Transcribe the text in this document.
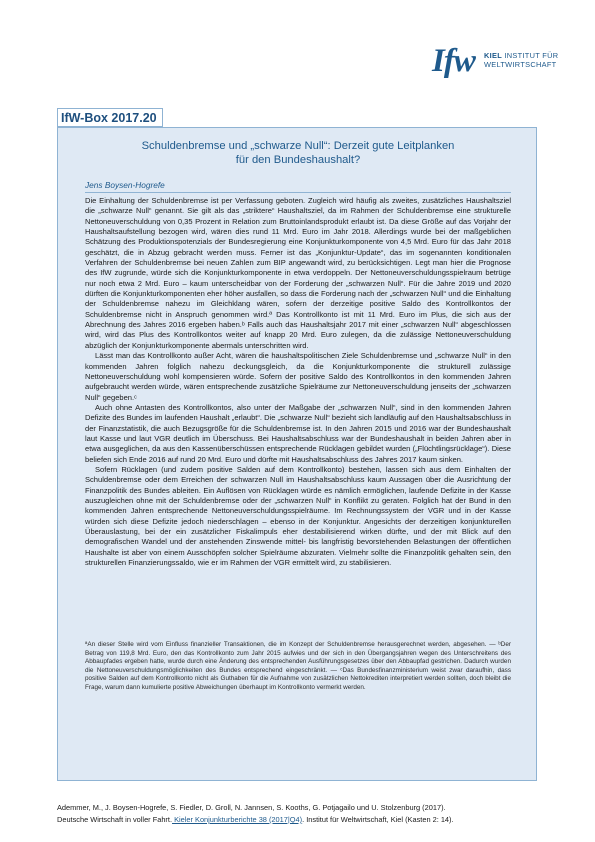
Ifw KIEL INSTITUT FÜR
WELTWIRTSCHAFT
IfW-Box 2017.20
Schuldenbremse und „schwarze Null“: Derzeit gute Leitplanken
für den Bundeshaushalt?
Jens Boysen-Hogrefe

Die Einhaltung der Schuldenbremse ist per Verfassung geboten. Zugleich wird häufig als zweites, zusätzliches Haushaltsziel die „schwarze Null“ genannt. Sie gilt als das „striktere“ Haushaltsziel, da im Rahmen der Schuldenbremse eine strukturelle Nettoneuverschuldung von 0,35 Prozent in Relation zum Bruttoinlandsprodukt erlaubt ist. Da diese Größe auf das Vorjahr der Haushaltsaufstellung bezogen wird, wären dies rund 11 Mrd. Euro im Jahr 2018. Allerdings wurde bei der maßgeblichen Schätzung des Produktionspotenzials der Bundesregierung eine Konjunkturkomponente von 4,5 Mrd. Euro für das Jahr 2018 geschätzt, die in Abzug gebracht werden muss. Ferner ist das „Konjunktur-Update“, das im sogenannten konditionalen Verfahren der Schuldenbremse bei neuen Zahlen zum BIP angewandt wird, zu berücksichtigen. Legt man hier die Prognose des IfW zugrunde, würde sich die Konjunkturkomponente in etwa verdoppeln. Der Nettoneuverschuldungsspielraum betrüge nur noch etwa 2 Mrd. Euro – kaum unterscheidbar von der Forderung der „schwarzen Null“. Für die Jahre 2019 und 2020 dürften die Konjunkturkomponenten eher höher ausfallen, so dass die Forderung nach der „schwarzen Null“ und die Einhaltung der Schuldenbremse nahezu im Gleichklang wären, sofern der derzeitige positive Saldo des Kontrollkontos der Schuldenbremse nicht in Anspruch genommen wird.ª Das Kontrollkonto ist mit 11 Mrd. Euro im Plus, die sich aus der Abrechnung des Jahres 2016 ergeben haben.ᵇ Falls auch das Haushaltsjahr 2017 mit einer „schwarzen Null“ abgeschlossen wird, wird das Plus des Kontrollkontos weiter auf knapp 20 Mrd. Euro zulegen, da die zulässige Nettoneuverschuldung abzüglich der Konjunkturkomponente abermals unterschritten wird.

Lässt man das Kontrollkonto außer Acht, wären die haushaltspolitischen Ziele Schuldenbremse und „schwarze Null“ in den kommenden Jahren folglich nahezu deckungsgleich, da die Konjunkturkomponente die strukturell zulässige Nettoneuverschuldung wohl kompensieren würde. Sofern der positive Saldo des Kontrollkontos in den kommenden Jahren aufgebraucht werden würde, wären entsprechende zusätzliche Spielräume zur Nettoneuverschuldung jenseits der „schwarzen Null“ gegeben.ᶜ

Auch ohne Antasten des Kontrollkontos, also unter der Maßgabe der „schwarzen Null“, sind in den kommenden Jahren Defizite des Bundes im laufenden Haushalt „erlaubt“. Die „schwarze Null“ bezieht sich landläufig auf den Haushaltsabschluss in der Finanzstatistik, die auch Bezugsgröße für die Schuldenbremse ist. In den Jahren 2015 und 2016 war der Bundeshaushalt laut Kasse und laut VGR deutlich im Überschuss. Bei Haushaltsabschluss war der Bundeshaushalt in beiden Jahren aber in etwa ausgeglichen, da aus den Kassenüberschüssen entsprechende Rücklagen gebildet wurden („Flüchtlingsrücklage“). Diese beliefen sich Ende 2016 auf rund 20 Mrd. Euro und dürfte mit Haushaltsabschluss des Jahres 2017 kaum sinken.

Sofern Rücklagen (und zudem positive Salden auf dem Kontrollkonto) bestehen, lassen sich aus dem Einhalten der Schuldenbremse oder dem Erreichen der schwarzen Null im Haushaltsabschluss kaum Aussagen über die Ausrichtung der Finanzpolitik des Bundes ableiten. Ein Auflösen von Rücklagen würde es nämlich ermöglichen, laufende Defizite in der Kasse auszugleichen ohne mit der Schuldenbremse oder der „schwarzen Null“ in Konflikt zu geraten. Folglich hat der Bund in den kommenden Jahren entsprechende Nettoneuverschuldungsspielräume. Im Rechnungssystem der VGR und in der Kasse würden sich diese Defizite jedoch niederschlagen – ebenso in der Konjunktur. Angesichts der derzeitigen konjunkturellen Überauslastung, bei der ein zusätzlicher Fiskalimpuls eher destabilisierend wirken dürfte, und der mit Blick auf den demografischen Wandel und der anstehenden Zinswende mittel- bis langfristig bevorstehenden Belastungen der öffentlichen Haushalte ist aber von einem Ausschöpfen solcher Spielräume abzuraten. Vielmehr sollte die Finanzpolitik gehalten sein, den strukturellen Finanzierungssaldo, wie er im Rahmen der VGR ermittelt wird, zu stabilisieren.

ªAn dieser Stelle wird vom Einfluss finanzieller Transaktionen, die im Konzept der Schuldenbremse herausgerechnet werden, abgesehen. — ᵇDer Betrag von 119,8 Mrd. Euro, den das Kontrollkonto zum Jahr 2015 aufwies und der sich in den Übergangsjahren wegen des Unterschreitens des Abbaupfades ergeben hatte, wurde durch eine Änderung des entsprechenden Ausführungsgesetzes über den Abbaupfad gestrichen. Dadurch wurden die Nettoneuverschuldungsmöglichkeiten des Bundes entsprechend eingeschränkt. — ᶜDas Bundesfinanzministerium weist zwar daraufhin, dass positive Salden auf dem Kontrollkonto nicht als Guthaben für die Aufnahme von zusätzlichen Nettokrediten interpretiert werden sollten, doch bleibt die Frage, warum dann kumulierte positive Abweichungen überhaupt im Kontrollkonto vermerkt werden.

Ademmer, M., J. Boysen-Hogrefe, S. Fiedler, D. Groll, N. Jannsen, S. Kooths, G. Potjagailo und U. Stolzenburg (2017).
Deutsche Wirtschaft in voller Fahrt. Kieler Konjunkturberichte 38 (2017|Q4). Institut für Weltwirtschaft, Kiel (Kasten 2: 14).
